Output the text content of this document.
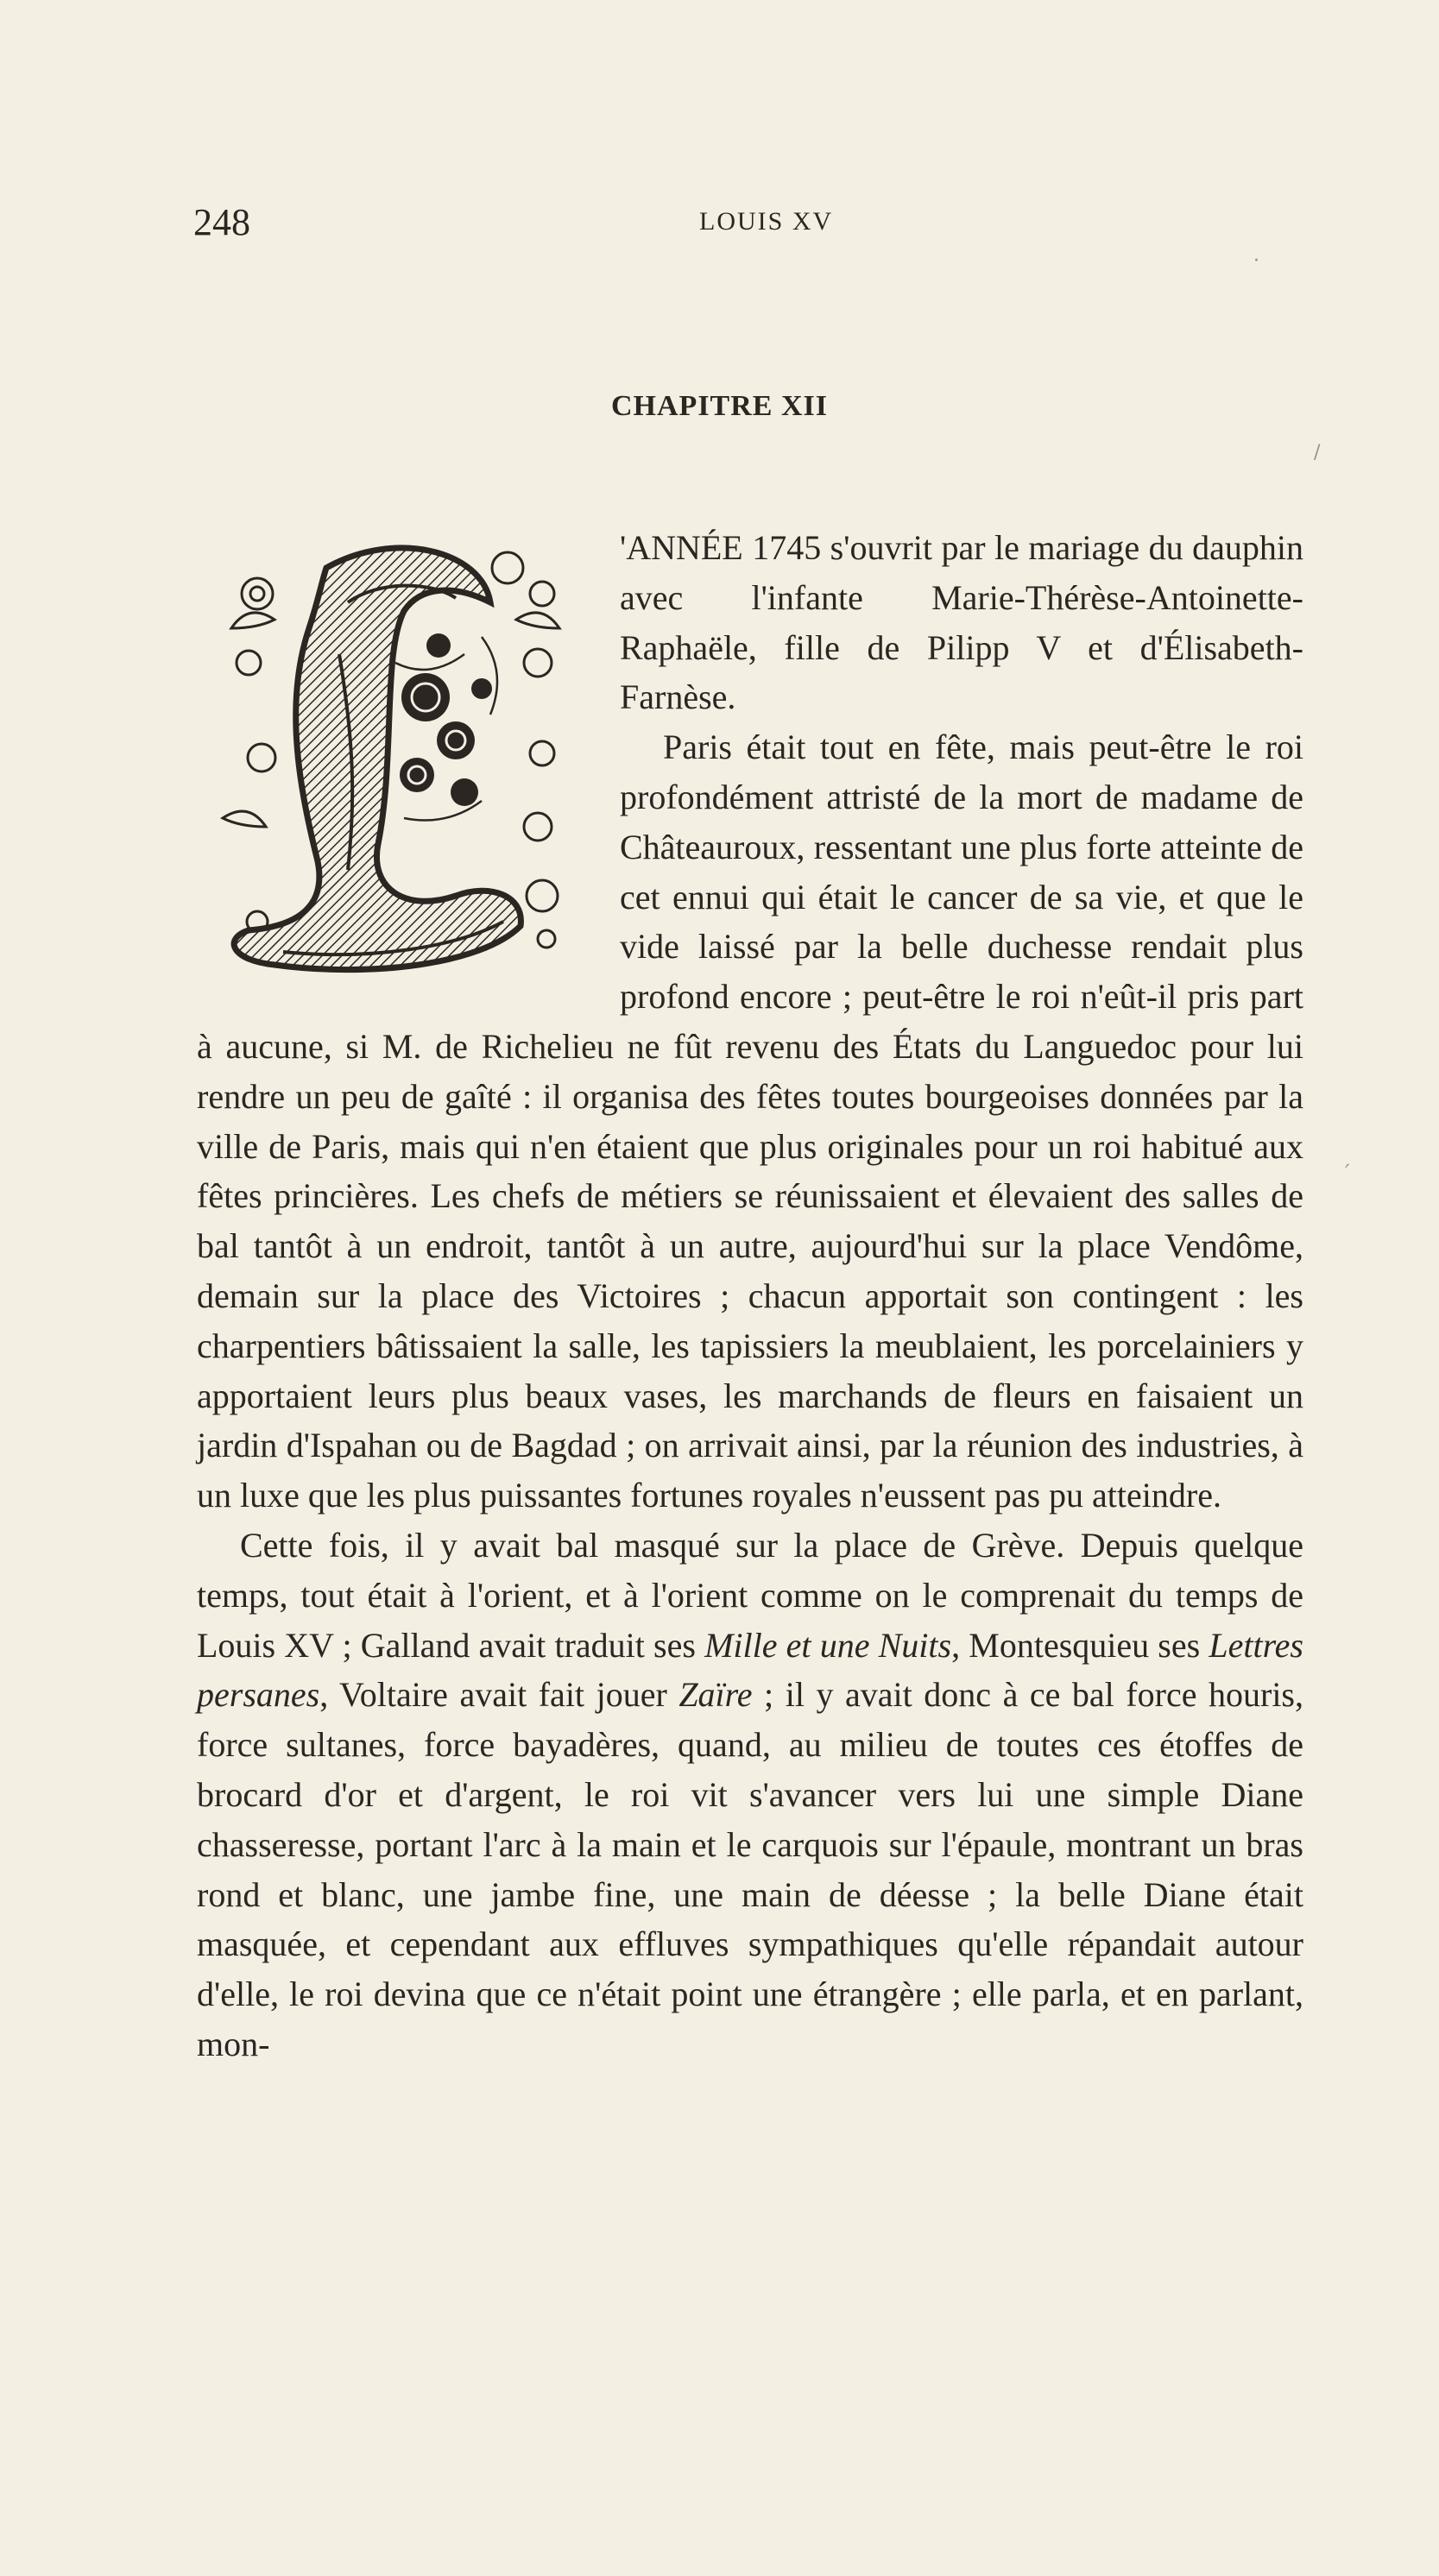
248	LOUIS XV
·
/
ˊ
CHAPITRE XII

'ANNÉE 1745 s'ouvrit par le mariage du dauphin avec l'infante Marie-Thérèse-Antoinette-Raphaële, fille de Pilipp V et d'Élisabeth-Farnèse.

Paris était tout en fête, mais peut-être le roi profondément attristé de la mort de madame de Châteauroux, ressentant une plus forte atteinte de cet ennui qui était le cancer de sa vie, et que le vide laissé par la belle duchesse rendait plus profond encore ; peut-être le roi n'eût-il pris part à aucune, si M. de Richelieu ne fût revenu des États du Languedoc pour lui rendre un peu de gaîté : il organisa des fêtes toutes bourgeoises données par la ville de Paris, mais qui n'en étaient que plus originales pour un roi habitué aux fêtes princières. Les chefs de métiers se réunissaient et élevaient des salles de bal tantôt à un endroit, tantôt à un autre, aujourd'hui sur la place Vendôme, demain sur la place des Victoires ; chacun apportait son contingent : les charpentiers bâtissaient la salle, les tapissiers la meublaient, les porcelainiers y apportaient leurs plus beaux vases, les marchands de fleurs en faisaient un jardin d'Ispahan ou de Bagdad ; on arrivait ainsi, par la réunion des industries, à un luxe que les plus puissantes fortunes royales n'eussent pas pu atteindre.

Cette fois, il y avait bal masqué sur la place de Grève. Depuis quelque temps, tout était à l'orient, et à l'orient comme on le comprenait du temps de Louis XV ; Galland avait traduit ses Mille et une Nuits, Montesquieu ses Lettres persanes, Voltaire avait fait jouer Zaïre ; il y avait donc à ce bal force houris, force sultanes, force bayadères, quand, au milieu de toutes ces étoffes de brocard d'or et d'argent, le roi vit s'avancer vers lui une simple Diane chasseresse, portant l'arc à la main et le carquois sur l'épaule, montrant un bras rond et blanc, une jambe fine, une main de déesse ; la belle Diane était masquée, et cependant aux effluves sympathiques qu'elle répandait autour d'elle, le roi devina que ce n'était point une étrangère ; elle parla, et en parlant, mon-
